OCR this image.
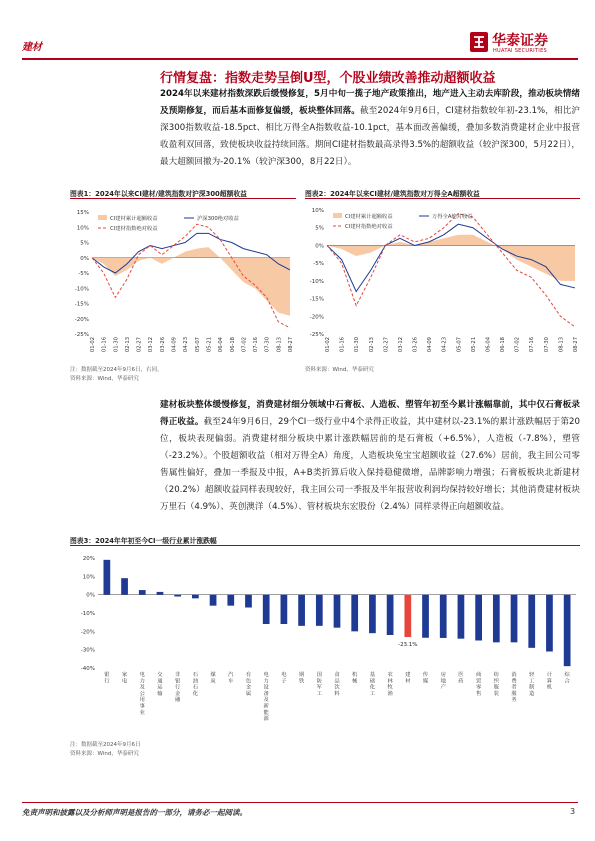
建材	华泰证券
HUATAI SECURITIES
行情复盘：指数走势呈倒U型，个股业绩改善推动超额收益
2024年以来建材指数深跌后缓慢修复，5月中旬一揽子地产政策推出，地产进入主动去库阶段，推动板块情绪及预期修复，而后基本面修复偏缓，板块整体回落。截至2024年9月6日，CI建材指数较年初-23.1%，相比沪深300指数收益-18.5pct、相比万得全A指数收益-10.1pct，基本面改善偏缓，叠加多数消费建材企业中报营收盈利双回落，致使板块收益持续回落。期间CI建材指数最高录得3.5%的超额收益（较沪深300，5月22日），最大超额回撤为-20.1%（较沪深300，8月22日）。
图表1：2024年以来CI建材/建筑指数对沪深300超额收益
15%
10%
5%
0%
-5%
-10%
-15%
-20%
-25%
01-02 01-16 01-30 02-13 02-27 03-12 03-26 04-09 04-23 05-07 05-21 06-04 06-18 07-02 07-16 07-30 08-13 08-27
CI建材累计超额收益	沪深300绝对收益
CI建材指数绝对收益
注：数据截至2024年9月6日，右同。
资料来源：Wind，华泰研究
图表2：2024年以来CI建材/建筑指数对万得全A超额收益
10%
5%
0%
-5%
-10%
-15%
-20%
-25%
01-02 01-16 01-30 02-13 02-27 03-12 03-26 04-09 04-23 05-07 05-21 06-04 06-18 07-02 07-16 07-30 08-13 08-27
CI建材累计超额收益	万得全A绝对收益
CI建材指数绝对收益
资料来源：Wind，华泰研究
建材板块整体缓慢修复，消费建材细分领域中石膏板、人造板、塑管年初至今累计涨幅靠前，其中仅石膏板录得正收益。截至24年9月6日，29个CI一级行业中4个录得正收益，其中建材以-23.1%的累计涨跌幅居于第20位，板块表现偏弱。消费建材细分板块中累计涨跌幅居前的是石膏板（+6.5%），人造板（-7.8%），塑管（-23.2%）。个股超额收益（相对万得全A）角度，人造板块兔宝宝超额收益（27.6%）居前，我主回公司零售属性偏好，叠加一季报及中报，A+B类折算后收入保持稳健微增，品牌影响力增强；石膏板板块北新建材（20.2%）超额收益同样表现较好，我主回公司一季报及半年报营收利润均保持较好增长；其他消费建材板块万里石（4.9%）、英创澳洋（4.5%）、管材板块东宏股份（2.4%）同样录得正向超额收益。
图表3：2024年年初至今CI一级行业累计涨跌幅
20%
10%
0%
-10%
-20%
-30%
-40%
银行
家电
电力及公用事业
交通运输
非银行金融
石油石化
煤炭
汽车
有色金属
电力设备及新能源
电子
钢铁
国防军工
食品饮料
机械
基础化工
农林牧渔
建材
-23.1%
传媒
房地产
医药
商贸零售
纺织服装
消费者服务
轻工制造
计算机
综合
注：数据截至2024年9月6日
资料来源：Wind，华泰研究
免责声明和披露以及分析师声明是报告的一部分，请务必一起阅读。	3
